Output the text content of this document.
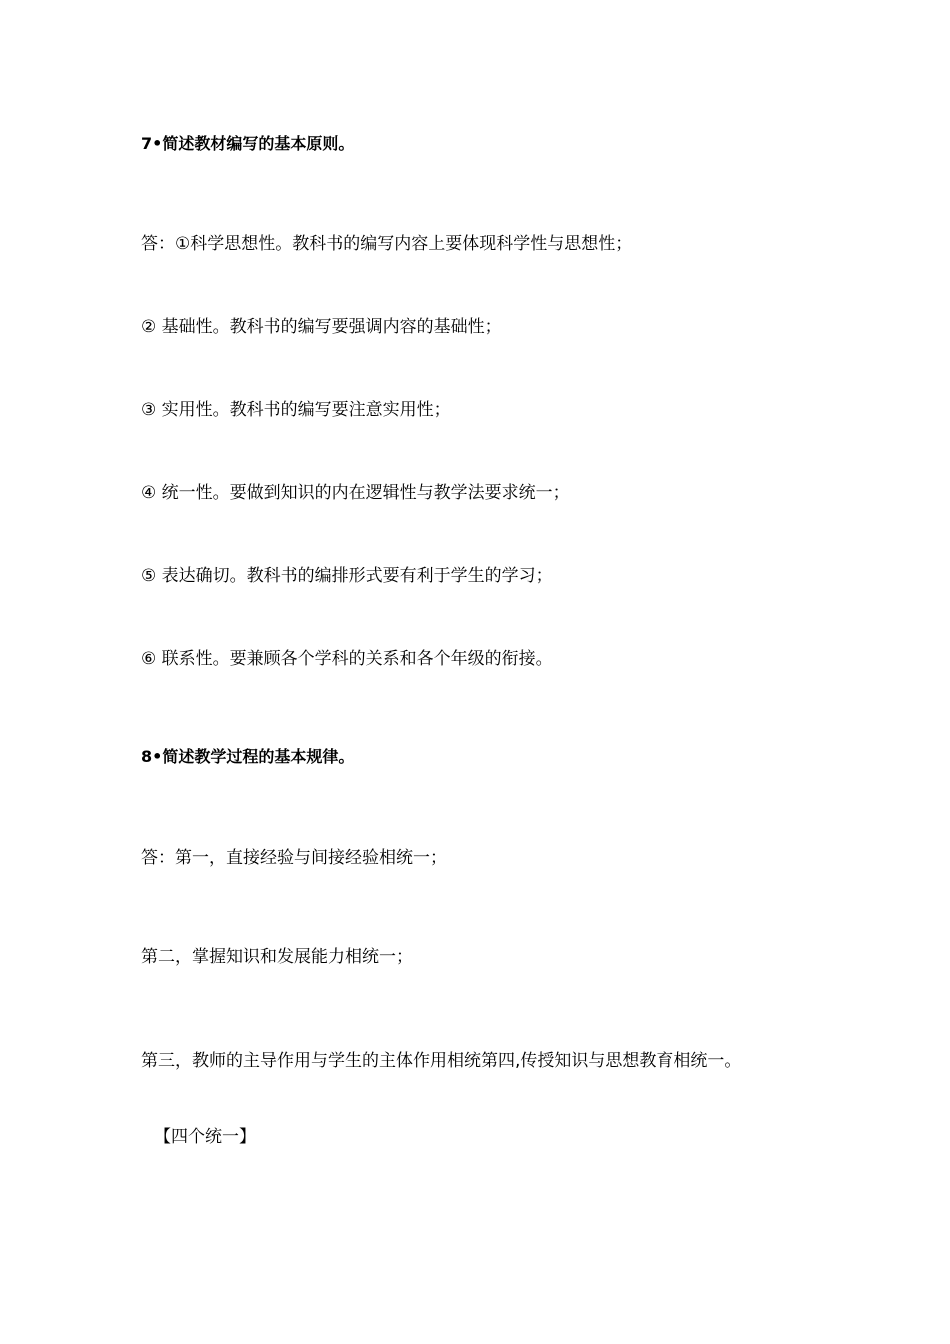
7•简述教材编写的基本原则。
答：①科学思想性。教科书的编写内容上要体现科学性与思想性；
② 基础性。教科书的编写要强调内容的基础性；
③ 实用性。教科书的编写要注意实用性；
④ 统一性。要做到知识的内在逻辑性与教学法要求统一；
⑤ 表达确切。教科书的编排形式要有利于学生的学习；
⑥ 联系性。要兼顾各个学科的关系和各个年级的衔接。
8•简述教学过程的基本规律。
答：第一，直接经验与间接经验相统一；
第二，掌握知识和发展能力相统一；
第三，教师的主导作用与学生的主体作用相统第四,传授知识与思想教育相统一。
【四个统一】
